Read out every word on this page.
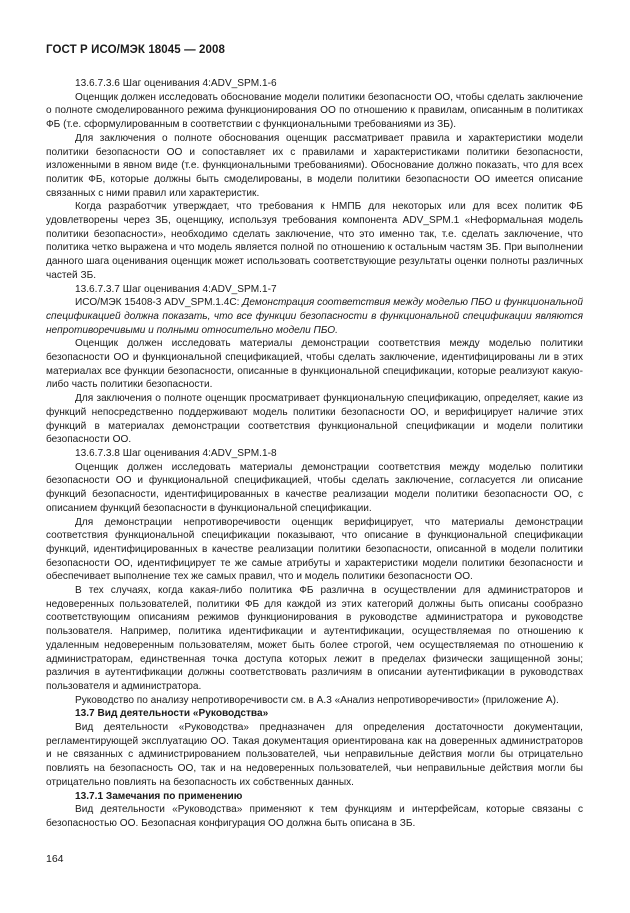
ГОСТ Р ИСО/МЭК 18045 — 2008

13.6.7.3.6 Шаг оценивания 4:ADV_SPM.1-6

Оценщик должен исследовать обоснование модели политики безопасности ОО, чтобы сделать заключение о полноте смоделированного режима функционирования ОО по отношению к правилам, описанным в политиках ФБ (т.е. сформулированным в соответствии с функциональными требованиями из ЗБ).

Для заключения о полноте обоснования оценщик рассматривает правила и характеристики модели политики безопасности ОО и сопоставляет их с правилами и характеристиками политики безопасности, изложенными в явном виде (т.е. функциональными требованиями). Обоснование должно показать, что для всех политик ФБ, которые должны быть смоделированы, в модели политики безопасности ОО имеется описание связанных с ними правил или характеристик.

Когда разработчик утверждает, что требования к НМПБ для некоторых или для всех политик ФБ удовлетворены через ЗБ, оценщику, используя требования компонента ADV_SPM.1 «Неформальная модель политики безопасности», необходимо сделать заключение, что это именно так, т.е. сделать заключение, что политика четко выражена и что модель является полной по отношению к остальным частям ЗБ. При выполнении данного шага оценивания оценщик может использовать соответствующие результаты оценки полноты различных частей ЗБ.

13.6.7.3.7 Шаг оценивания 4:ADV_SPM.1-7

ИСО/МЭК 15408-3 ADV_SPM.1.4C: Демонстрация соответствия между моделью ПБО и функциональной спецификацией должна показать, что все функции безопасности в функциональной спецификации являются непротиворечивыми и полными относительно модели ПБО.

Оценщик должен исследовать материалы демонстрации соответствия между моделью политики безопасности ОО и функциональной спецификацией, чтобы сделать заключение, идентифицированы ли в этих материалах все функции безопасности, описанные в функциональной спецификации, которые реализуют какую-либо часть политики безопасности.

Для заключения о полноте оценщик просматривает функциональную спецификацию, определяет, какие из функций непосредственно поддерживают модель политики безопасности ОО, и верифицирует наличие этих функций в материалах демонстрации соответствия функциональной спецификации и модели политики безопасности ОО.

13.6.7.3.8 Шаг оценивания 4:ADV_SPM.1-8

Оценщик должен исследовать материалы демонстрации соответствия между моделью политики безопасности ОО и функциональной спецификацией, чтобы сделать заключение, согласуется ли описание функций безопасности, идентифицированных в качестве реализации модели политики безопасности ОО, с описанием функций безопасности в функциональной спецификации.

Для демонстрации непротиворечивости оценщик верифицирует, что материалы демонстрации соответствия функциональной спецификации показывают, что описание в функциональной спецификации функций, идентифицированных в качестве реализации политики безопасности, описанной в модели политики безопасности ОО, идентифицирует те же самые атрибуты и характеристики модели политики безопасности и обеспечивает выполнение тех же самых правил, что и модель политики безопасности ОО.

В тех случаях, когда какая-либо политика ФБ различна в осуществлении для администраторов и недоверенных пользователей, политики ФБ для каждой из этих категорий должны быть описаны сообразно соответствующим описаниям режимов функционирования в руководстве администратора и руководстве пользователя. Например, политика идентификации и аутентификации, осуществляемая по отношению к удаленным недоверенным пользователям, может быть более строгой, чем осуществляемая по отношению к администраторам, единственная точка доступа которых лежит в пределах физически защищенной зоны; различия в аутентификации должны соответствовать различиям в описании аутентификации в руководствах пользователя и администратора.

Руководство по анализу непротиворечивости см. в А.3 «Анализ непротиворечивости» (приложение А).

13.7 Вид деятельности «Руководства»

Вид деятельности «Руководства» предназначен для определения достаточности документации, регламентирующей эксплуатацию ОО. Такая документация ориентирована как на доверенных администраторов и не связанных с администрированием пользователей, чьи неправильные действия могли бы отрицательно повлиять на безопасность ОО, так и на недоверенных пользователей, чьи неправильные действия могли бы отрицательно повлиять на безопасность их собственных данных.

13.7.1 Замечания по применению

Вид деятельности «Руководства» применяют к тем функциям и интерфейсам, которые связаны с безопасностью ОО. Безопасная конфигурация ОО должна быть описана в ЗБ.

164
